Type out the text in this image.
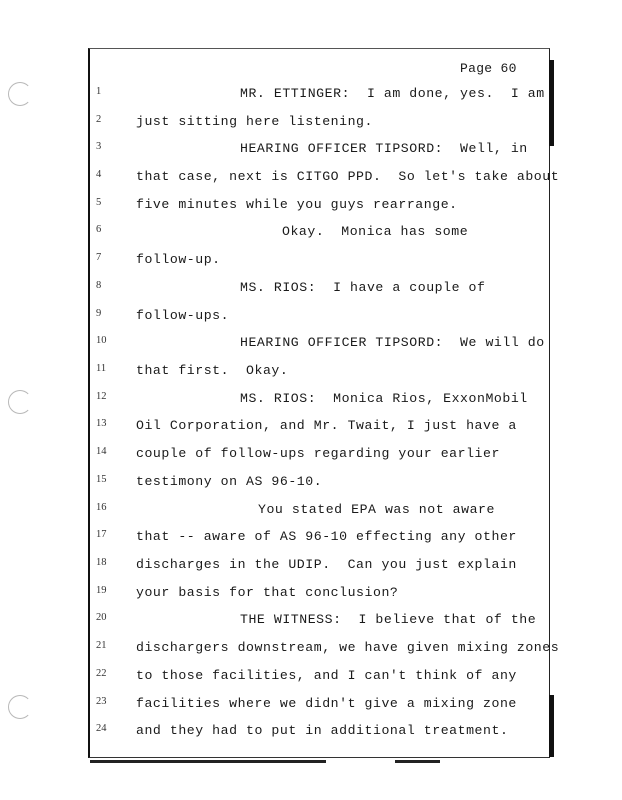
Page 60
1	MR. ETTINGER:  I am done, yes.  I am
2	just sitting here listening.
3	HEARING OFFICER TIPSORD:  Well, in
4	that case, next is CITGO PPD.  So let's take about
5	five minutes while you guys rearrange.
6	Okay.  Monica has some
7	follow-up.
8	MS. RIOS:  I have a couple of
9	follow-ups.
10	HEARING OFFICER TIPSORD:  We will do
11	that first.  Okay.
12	MS. RIOS:  Monica Rios, ExxonMobil
13	Oil Corporation, and Mr. Twait, I just have a
14	couple of follow-ups regarding your earlier
15	testimony on AS 96-10.
16	You stated EPA was not aware
17	that -- aware of AS 96-10 effecting any other
18	discharges in the UDIP.  Can you just explain
19	your basis for that conclusion?
20	THE WITNESS:  I believe that of the
21	dischargers downstream, we have given mixing zones
22	to those facilities, and I can't think of any
23	facilities where we didn't give a mixing zone
24	and they had to put in additional treatment.
